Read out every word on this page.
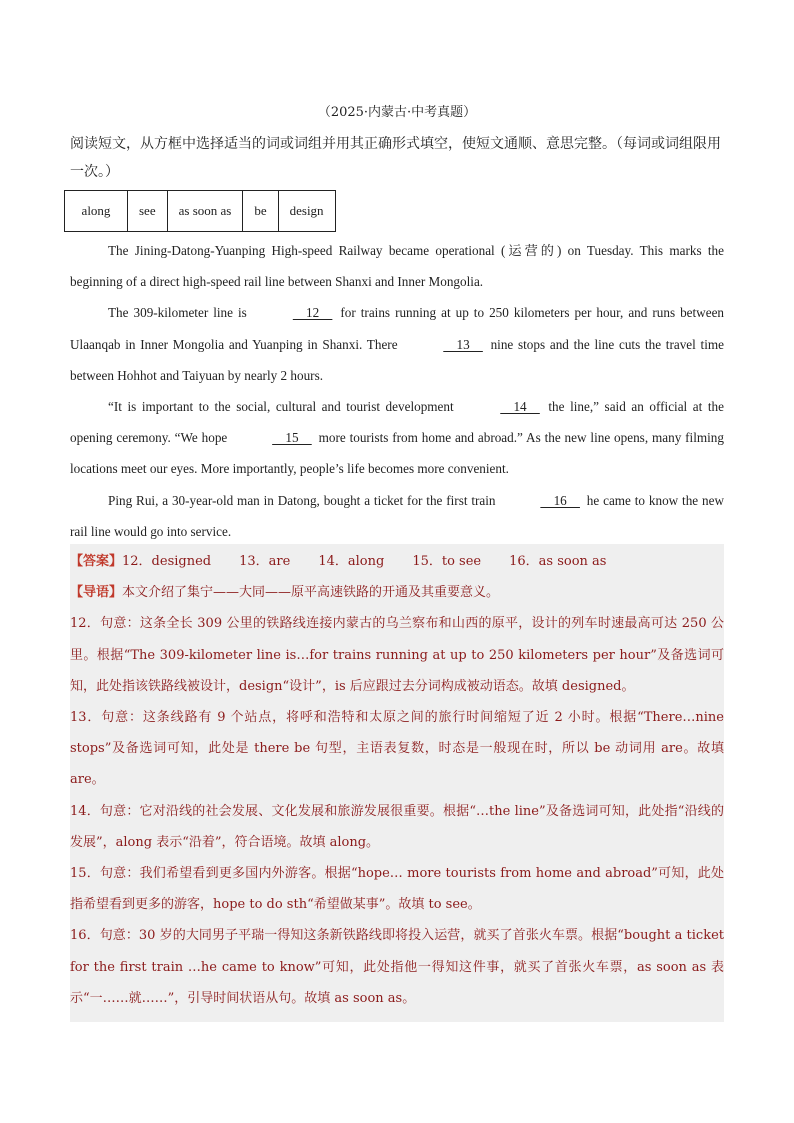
（2025·内蒙古·中考真题）
阅读短文，从方框中选择适当的词或词组并用其正确形式填空，使短文通顺、意思完整。（每词或词组限用一次。）
along	see	as soon as	be	design

The Jining-Datong-Yuanping High-speed Railway became operational (运营的) on Tuesday. This marks the beginning of a direct high-speed rail line between Shanxi and Inner Mongolia.

The 309-kilometer line is	  12   for trains running at up to 250 kilometers per hour, and runs between Ulaanqab in Inner Mongolia and Yuanping in Shanxi. There	  13   nine stops and the line cuts the travel time between Hohhot and Taiyuan by nearly 2 hours.

“It is important to the social, cultural and tourist development	  14   the line,” said an official at the opening ceremony. “We hope	  15   more tourists from home and abroad.” As the new line opens, many filming locations meet our eyes. More importantly, people’s life becomes more convenient.

Ping Rui, a 30-year-old man in Datong, bought a ticket for the first train	  16   he came to know the new rail line would go into service.

【答案】12．designed 13．are 14．along 15．to see 16．as soon as

【导语】本文介绍了集宁——大同——原平高速铁路的开通及其重要意义。

12．句意：这条全长 309 公里的铁路线连接内蒙古的乌兰察布和山西的原平，设计的列车时速最高可达 250 公里。根据“The 309-kilometer line is…for trains running at up to 250 kilometers per hour”及备选词可知，此处指该铁路线被设计，design“设计”，is 后应跟过去分词构成被动语态。故填 designed。

13．句意：这条线路有 9 个站点，将呼和浩特和太原之间的旅行时间缩短了近 2 小时。根据“There…nine stops”及备选词可知，此处是 there be 句型，主语表复数，时态是一般现在时，所以 be 动词用 are。故填 are。

14．句意：它对沿线的社会发展、文化发展和旅游发展很重要。根据“…the line”及备选词可知，此处指“沿线的发展”，along 表示“沿着”，符合语境。故填 along。

15．句意：我们希望看到更多国内外游客。根据“hope… more tourists from home and abroad”可知，此处指希望看到更多的游客，hope to do sth“希望做某事”。故填 to see。

16．句意：30 岁的大同男子平瑞一得知这条新铁路线即将投入运营，就买了首张火车票。根据“bought a ticket for the first train …he came to know”可知，此处指他一得知这件事，就买了首张火车票，as soon as 表示“一……就……”，引导时间状语从句。故填 as soon as。
